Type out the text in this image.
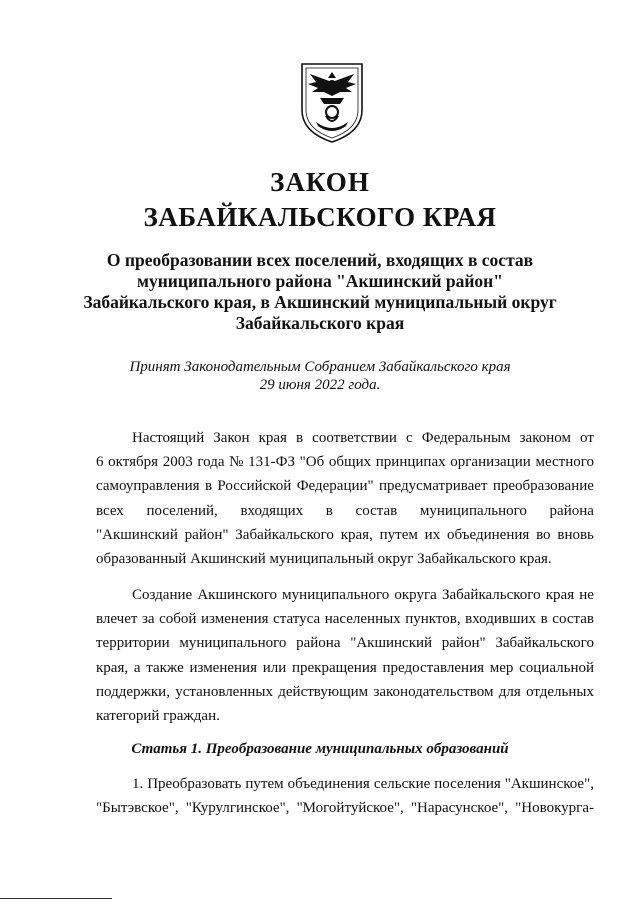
ЗАКОН
ЗАБАЙКАЛЬСКОГО КРАЯ
О преобразовании всех поселений, входящих в состав
муниципального района "Акшинский район"
Забайкальского края, в Акшинский муниципальный округ
Забайкальского края
Принят Законодательным Собранием Забайкальского края
29 июня 2022 года.
Настоящий Закон края в соответствии с Федеральным законом от
6 октября 2003 года № 131-ФЗ "Об общих принципах организации местного
самоуправления в Российской Федерации" предусматривает преобразование
всех поселений, входящих в состав муниципального района
"Акшинский район" Забайкальского края, путем их объединения во вновь
образованный Акшинский муниципальный округ Забайкальского края.
Создание Акшинского муниципального округа Забайкальского края не
влечет за собой изменения статуса населенных пунктов, входивших в состав
территории муниципального района "Акшинский район" Забайкальского
края, а также изменения или прекращения предоставления мер социальной
поддержки, установленных действующим законодательством для отдельных
категорий граждан.
Статья 1. Преобразование муниципальных образований
1. Преобразовать путем объединения сельские поселения "Акшинское",
"Бытэвское", "Курулгинское", "Могойтуйское", "Нарасунское", "Новокурга-
